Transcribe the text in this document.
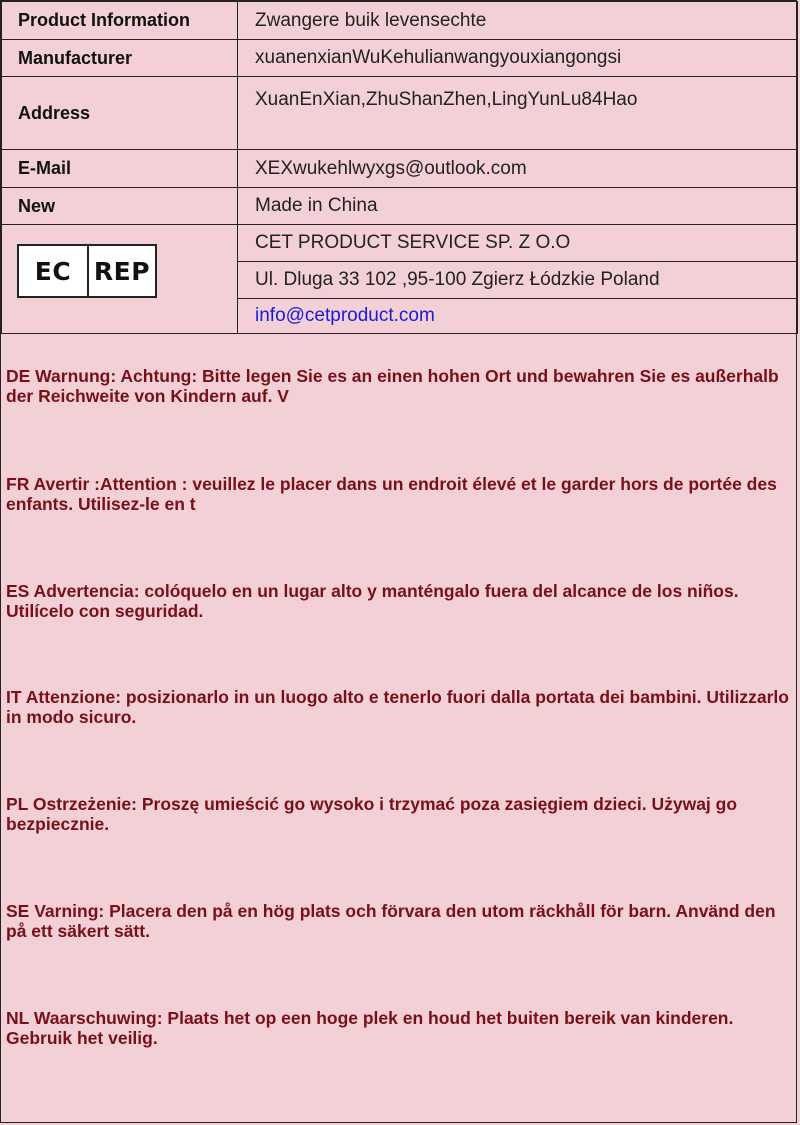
Product Information	Zwangere buik levensechte
Manufacturer	xuanenxianWuKehulianwangyouxiangongsi
Address	XuanEnXian,ZhuShanZhen,LingYunLu84Hao
E-Mail	XEXwukehlwyxgs@outlook.com
New	Made in China
	CET PRODUCT SERVICE SP. Z O.O
	Ul. Dluga 33 102 ,95-100 Zgierz Łódzkie Poland
	info@cetproduct.com
EC REP
DE Warnung: Achtung: Bitte legen Sie es an einen hohen Ort und bewahren Sie es außerhalb der Reichweite von Kindern auf. V
FR Avertir :Attention : veuillez le placer dans un endroit élevé et le garder hors de portée des enfants. Utilisez-le en t
ES Advertencia: colóquelo en un lugar alto y manténgalo fuera del alcance de los niños. Utilícelo con seguridad.
IT Attenzione: posizionarlo in un luogo alto e tenerlo fuori dalla portata dei bambini. Utilizzarlo in modo sicuro.
PL Ostrzeżenie: Proszę umieścić go wysoko i trzymać poza zasięgiem dzieci. Używaj go bezpiecznie.
SE Varning: Placera den på en hög plats och förvara den utom räckhåll för barn. Använd den på ett säkert sätt.
NL Waarschuwing: Plaats het op een hoge plek en houd het buiten bereik van kinderen. Gebruik het veilig.
